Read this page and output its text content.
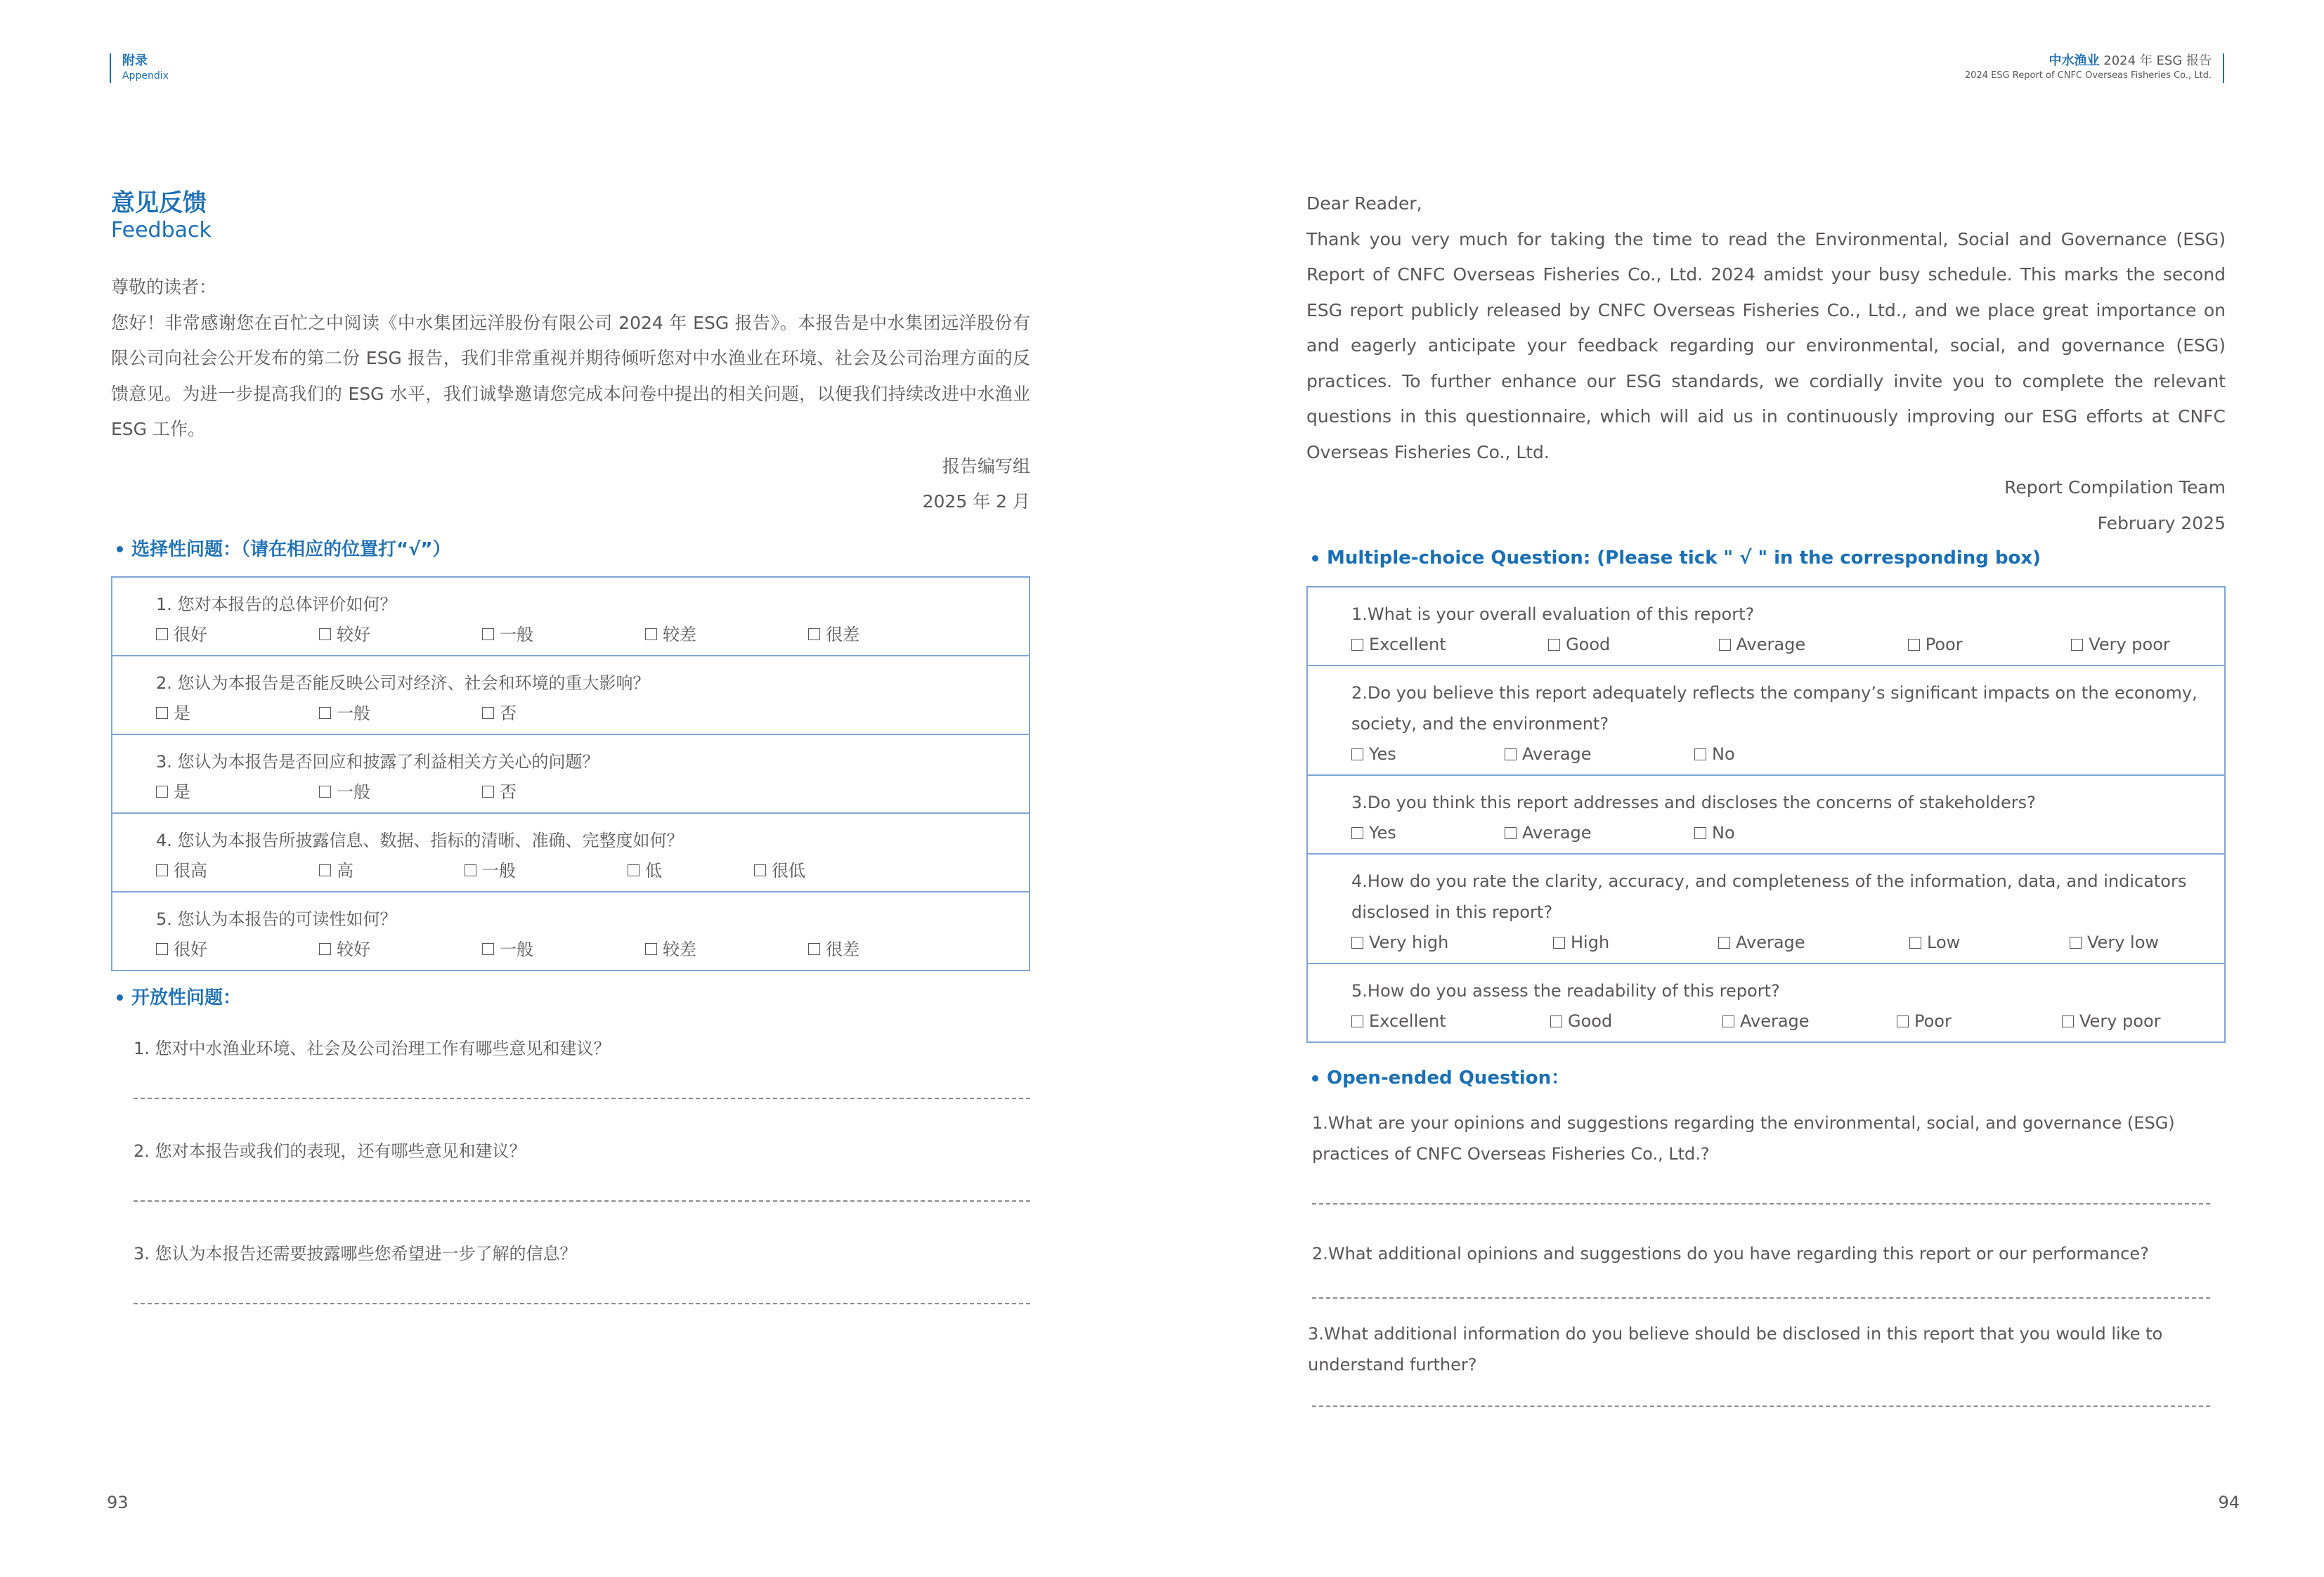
附录
Appendix
意见反馈
Feedback

尊敬的读者：

您好！非常感谢您在百忙之中阅读《中水集团远洋股份有限公司 2024 年 ESG 报告》。本报告是中水集团远洋股份有限公司向社会公开发布的第二份 ESG 报告，我们非常重视并期待倾听您对中水渔业在环境、社会及公司治理方面的反馈意见。为进一步提高我们的 ESG 水平，我们诚挚邀请您完成本问卷中提出的相关问题，以便我们持续改进中水渔业 ESG 工作。

报告编写组
2025 年 2 月
选择性问题：（请在相应的位置打“√”）
1. 您对本报告的总体评价如何？
很好	较好	一般	较差	很差
2. 您认为本报告是否能反映公司对经济、社会和环境的重大影响？
是	一般	否
3. 您认为本报告是否回应和披露了利益相关方关心的问题？
是	一般	否
4. 您认为本报告所披露信息、数据、指标的清晰、准确、完整度如何？
很高	高	一般	低	很低
5. 您认为本报告的可读性如何？
很好	较好	一般	较差	很差
开放性问题：
1. 您对中水渔业环境、社会及公司治理工作有哪些意见和建议？
2. 您对本报告或我们的表现，还有哪些意见和建议？
3. 您认为本报告还需要披露哪些您希望进一步了解的信息？
93
中水渔业 2024 年 ESG 报告
2024 ESG Report of CNFC Overseas Fisheries Co., Ltd.

Dear Reader,

Thank you very much for taking the time to read the Environmental, Social and Governance (ESG) Report of CNFC Overseas Fisheries Co., Ltd. 2024 amidst your busy schedule. This marks the second ESG report publicly released by CNFC Overseas Fisheries Co., Ltd., and we place great importance on and eagerly anticipate your feedback regarding our environmental, social, and governance (ESG) practices. To further enhance our ESG standards, we cordially invite you to complete the relevant questions in this questionnaire, which will aid us in continuously improving our ESG efforts at CNFC Overseas Fisheries Co., Ltd.

Report Compilation Team
February 2025
Multiple-choice Question: (Please tick " √ " in the corresponding box)
1.What is your overall evaluation of this report?
Excellent	Good	Average	Poor	Very poor
2.Do you believe this report adequately reflects the company’s significant impacts on the economy, society, and the environment?
Yes	Average	No
3.Do you think this report addresses and discloses the concerns of stakeholders?
Yes	Average	No
4.How do you rate the clarity, accuracy, and completeness of the information, data, and indicators disclosed in this report?
Very high	High	Average	Low	Very low
5.How do you assess the readability of this report?
Excellent	Good	Average	Poor	Very poor
Open-ended Question：
1.What are your opinions and suggestions regarding the environmental, social, and governance (ESG) practices of CNFC Overseas Fisheries Co., Ltd.?
2.What additional opinions and suggestions do you have regarding this report or our performance?
3.What additional information do you believe should be disclosed in this report that you would like to understand further?
94
